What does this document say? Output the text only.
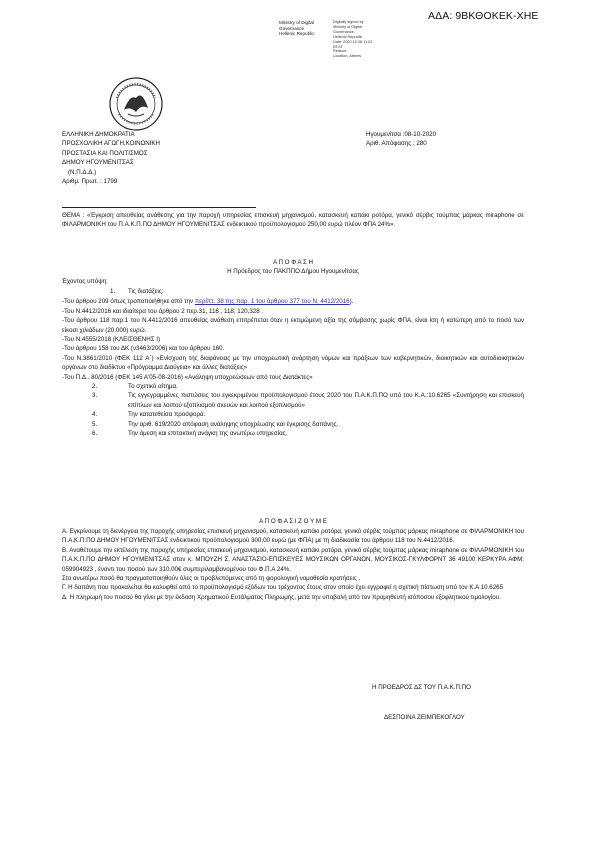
ΑΔΑ: 9ΒΚΘΟΚΕΚ-ΧΗΕ
Ministry of Digital
Governance
Hellenic Republic
Digitally signed by
Ministry of Digital
Governance,
Hellenic Republic
Date: 2020.10.08 11:02
EEST
Reason:
Location: Athens
ΕΛΛΗΝΙΚΗ ΔΗΜΟΚΡΑΤΙΑ
ΠΡΟΣΧΟΛΙΚΗ ΑΓΩΓΗ,ΚΟΙΝΩΝΙΚΗ
ΠΡΟΣΤΑΣΙΑ ΚΑΙ ΠΟΛΙΤΙΣΜΟΣ
ΔΗΜΟΥ ΗΓΟΥΜΕΝΙΤΣΑΣ
(Ν.Π.Δ.Δ.)
Αριθμ. Πρωτ. : 1799
Ηγουμενίτσα :08-10-2020
Αριθ. Απόφασης : 280
ΘΕΜΑ : «Έγκριση απευθείας ανάθεσης για την παροχή υπηρεσίας επισκευή μηχανισμού, κατασκευή καπάκι ροτόρα, γενικό σέρβις τούμπας μάρκας miraphone σε ΦΙΛΑΡΜΟΝΙΚΗ του Π.Α.Κ.Π.ΠΟ ΔΗΜΟΥ ΗΓΟΥΜΕΝΙΤΣΑΣ ενδεικτικού προϋπολογισμού 250,00 ευρώ πλέον ΦΠΑ 24%».
Α Π Ο Φ Α Σ Η
Η Πρόεδρος του ΠΑΚΠΠΟ Δήμου Ηγουμενίτσας
Έχοντας υπόψη:
1. Τις διατάξεις:

-Του άρθρου 209 όπως τροποποιήθηκε από την περίπτ. 38 της παρ. 1 του άρθρου 377 του Ν. 4412/2016).

-Του Ν.4412/2016 και ιδιαίτερα του άρθρου 2 περ.31, 116 , 118, 120,328 .

-Του άρθρου 118 παρ.1 του Ν.4412/2016 απευθείας ανάθεση επιτρέπεται όταν η εκτιμώμενη αξία της σύμβασης χωρίς ΦΠΑ, είναι ίση ή κατώτερη από το ποσό των είκοσι χιλιάδων (20.000) ευρώ.

-Του Ν.4555/2018 (ΚΛΕΙΣΘΕΝΗΣ Ι)

-Του άρθρου 158 του ΔΚ (ν3463/2006) και του άρθρου 160.

-Του Ν.3861/2010 (ΦΕΚ 112 Α΄) «Ενίσχυση της διαφάνειας με την υποχρεωτική ανάρτηση νόμων και πράξεων των κυβερνητικών, διοικητικών και αυτοδιοικητικών οργάνων στο διαδίκτυο «Πρόγραμμα Διαύγεια» και άλλες διατάξεις»

-Του Π.Δ.. 80/2016 (ΦΕΚ 145 Α'05-08-2016) «Ανάληψη υποχρεώσεων από τους Διατάκτες»

2.	Το σχετικό αίτημα.
3.	Τις εγγεγραμμένες πιστώσεις του εγκεκριμένου προϋπολογισμού έτους 2020 του Π.Α.Κ.Π.ΠΟ υπό του Κ.Α.:10.6265 «Συντήρηση και επισκευή επίπλων και λοιπού εξοπλισμού σκευών και λοιπού εξοπλισμού»
4.	Την κατατεθείσα προσφορά.
5.	Την αριθ. 619/2020 απόφαση ανάληψης υποχρέωσης και έγκρισης δαπάνης.
6.	Την άμεση και επιτακτική ανάγκη της ανωτέρω υπηρεσίας.
Α Π Ο Φ Α Σ Ι Ζ Ο Υ Μ Ε

Α. Εγκρίνουμε τη διενέργεια της παροχής υπηρεσίας επισκευή μηχανισμού, κατασκευή καπάκι ροτόρα, γενικό σέρβις τούμπας μάρκας miraphone σε ΦΙΛΑΡΜΟΝΙΚΗ του Π.Α.Κ.Π.ΠΟ ΔΗΜΟΥ ΗΓΟΥΜΕΝΙΤΣΑΣ ενδεικτικού προϋπολογισμού 300,00 ευρώ (με ΦΠΑ) με τη διαδικασία του άρθρου 118 του Ν.4412/2016.

Β. Αναθέτουμε την εκτέλεση της παροχής υπηρεσίας επισκευή μηχανισμού, κατασκευή καπάκι ροτόρα, γενικό σέρβις τούμπας μάρκας miraphone σε ΦΙΛΑΡΜΟΝΙΚΗ του Π.Α.Κ.Π.ΠΟ ΔΗΜΟΥ ΗΓΟΥΜΕΝΙΤΣΑΣ στον κ. ΜΠΟΥΖΗ Σ. ΑΝΑΣΤΑΣΙΟ-ΕΠΙΣΚΕΥΕΣ ΜΟΥΣΙΚΩΝ ΟΡΓΑΝΩΝ, ΜΟΥΣΙΚΟΣ-ΓΚΥΛΦΟΡΝΤ 36 49100 ΚΕΡΚΥΡΑ ΑΦΜ: 059904923 , έναντι του ποσού των 310,00€ συμπεριλαμβανομένου του Φ.Π.Α 24%.

Στο ανωτέρω ποσό θα πραγματοποιηθούν όλες οι προβλεπόμενες από τη φορολογική νομοθεσία κρατήσεις .

Γ. Η δαπάνη που προκαλείται θα καλυφθεί από το προϋπολογισμό εξόδων του τρέχοντος έτους στον οποίο έχει εγγραφεί η σχετική πίστωση υπό τον Κ.Α 10.6265

Δ. Η πληρωμή του ποσού θα γίνει με την έκδοση Χρηματικού Ευτάλματος Πληρωμής, μετά την υποβολή από τον προμηθευτή ισόποσου εξοφλητικού τιμολογίου.

Η ΠΡΟΕΔΡΟΣ ΔΣ ΤΟΥ Π.Α.Κ.Π.ΠΟ
ΔΕΣΠΟΙΝΑ ΖΕΙΜΠΕΚΟΓΛΟΥ
